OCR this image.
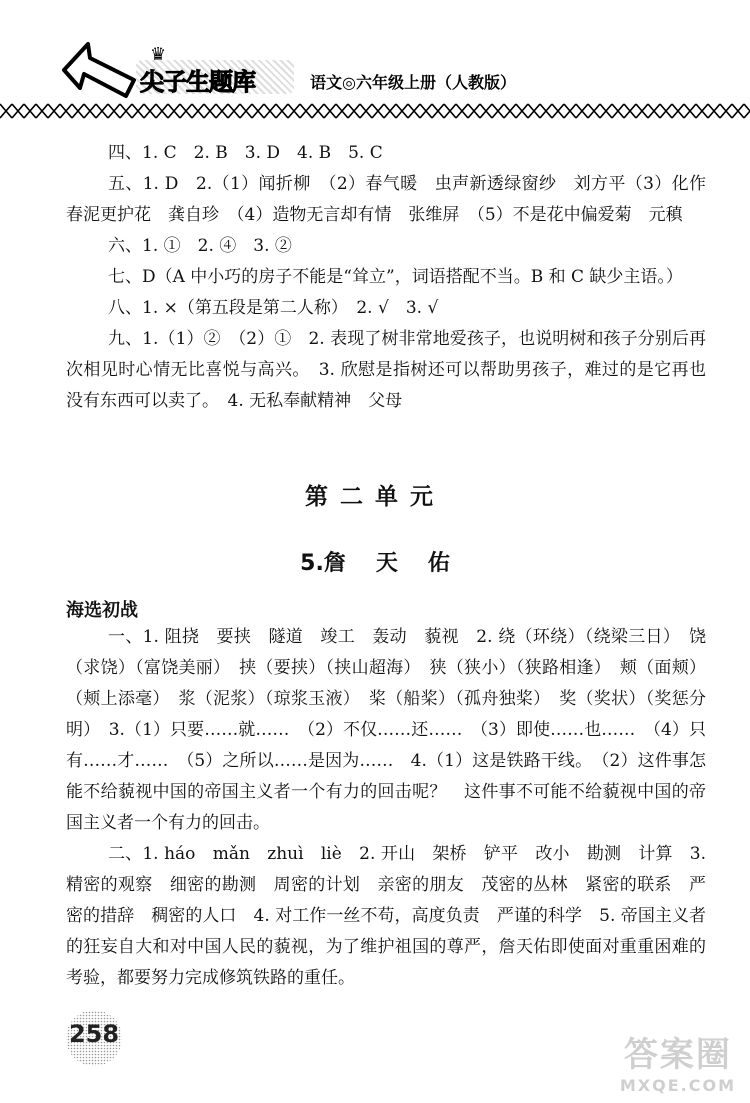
♛
尖子生题库	语文◎六年级上册（人教版）

四、1. C　2. B　3. D　4. B　5. C

五、1. D　2.（1）闻折柳　（2）春气暖　虫声新透绿窗纱　刘方平（3）化作春泥更护花　龚自珍　（4）造物无言却有情　张维屏　（5）不是花中偏爱菊　元稹

六、1. ①　2. ④　3. ②

七、D（A 中小巧的房子不能是“耸立”，词语搭配不当。B 和 C 缺少主语。）

八、1. ×（第五段是第二人称）　2. √　3. √

九、1.（1）②　（2）①　2. 表现了树非常地爱孩子，也说明树和孩子分别后再次相见时心情无比喜悦与高兴。　3. 欣慰是指树还可以帮助男孩子，难过的是它再也没有东西可以卖了。　4. 无私奉献精神　父母

第二单元
5.詹 天 佑
海选初战

一、1. 阻挠　要挟　隧道　竣工　轰动　藐视　2. 绕（环绕）（绕梁三日）　饶（求饶）（富饶美丽）　挟（要挟）（挟山超海）　狭（狭小）（狭路相逢）　颊（面颊）（颊上添毫）　浆（泥浆）（琼浆玉液）　桨（船桨）（孤舟独桨）　奖（奖状）（奖惩分明）　3.（1）只要……就……　（2）不仅……还……　（3）即使……也……　（4）只有……才……　（5）之所以……是因为……　4.（1）这是铁路干线。　（2）这件事怎能不给藐视中国的帝国主义者一个有力的回击呢？　这件事不可能不给藐视中国的帝国主义者一个有力的回击。

二、1. háo　mǎn　zhuì　liè　2. 开山　架桥　铲平　改小　勘测　计算　3. 精密的观察　细密的勘测　周密的计划　亲密的朋友　茂密的丛林　紧密的联系　严密的措辞　稠密的人口　4. 对工作一丝不苟，高度负责　严谨的科学　5. 帝国主义者的狂妄自大和对中国人民的藐视，为了维护祖国的尊严，詹天佑即使面对重重困难的考验，都要努力完成修筑铁路的重任。

258
答案圈
MXQE.COM
